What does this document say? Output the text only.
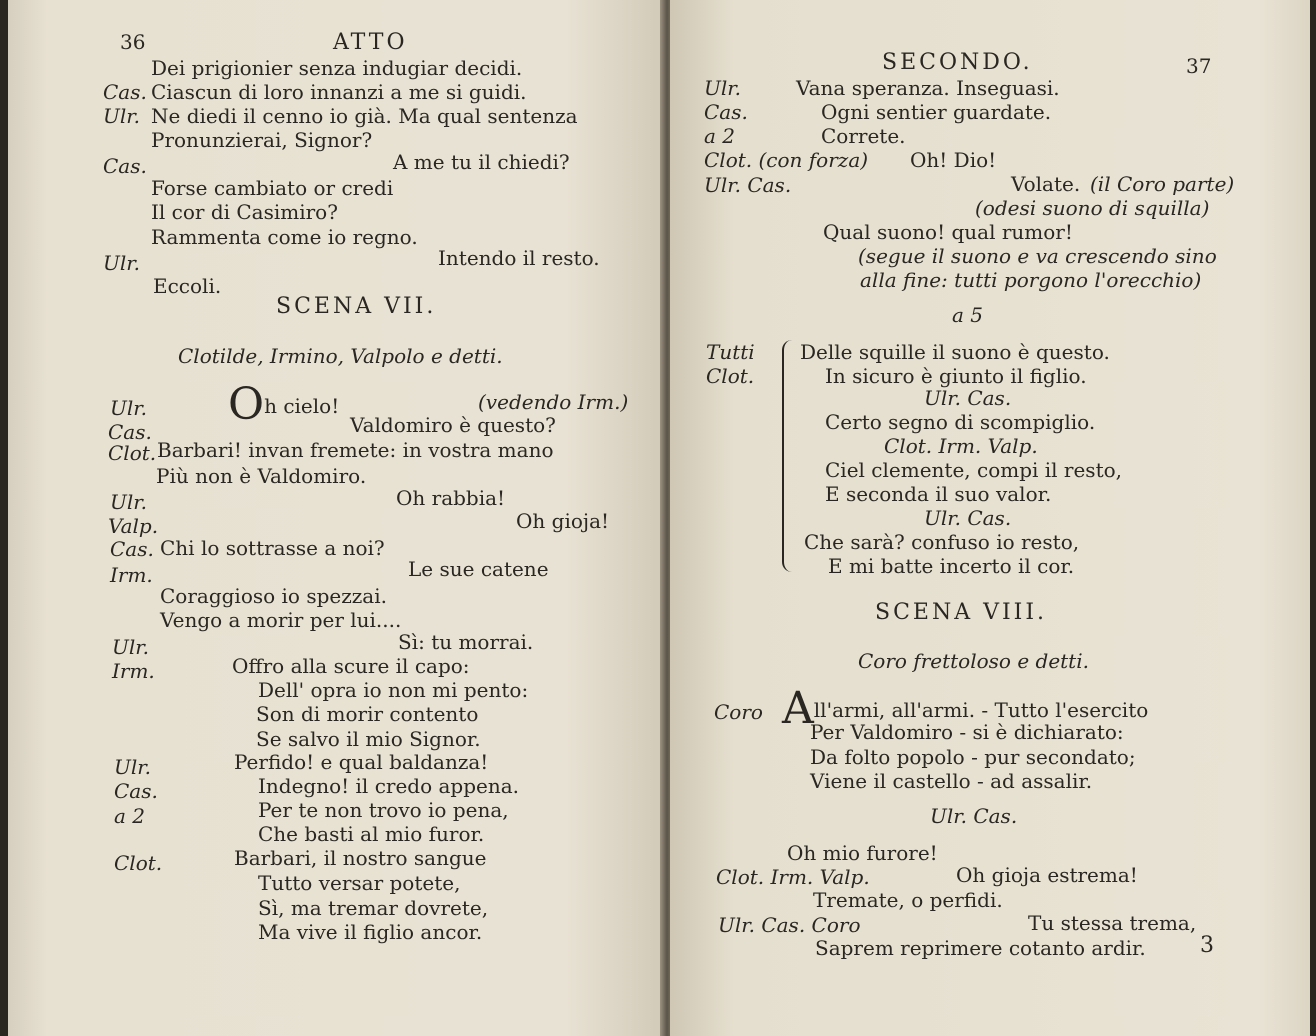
36	ATTO
Dei prigionier senza indugiar decidi.
Cas. Ciascun di loro innanzi a me si guidi.
Ulr. Ne diedi il cenno io già. Ma qual sentenza
Pronunzierai, Signor?
Cas.	A me tu il chiedi?
Forse cambiato or credi
Il cor di Casimiro?
Rammenta come io regno.
Ulr.	Intendo il resto.
Eccoli.
SCENA VII.
Clotilde, Irmino, Valpolo e detti.
Ulr. Oh cielo!	(vedendo Irm.)
Cas.	Valdomiro è questo?
Clot. Barbari! invan fremete: in vostra mano
Più non è Valdomiro.
Ulr.	Oh rabbia!
Valp.	Oh gioja!
Cas. Chi lo sottrasse a noi?
Irm.	Le sue catene
Coraggioso io spezzai.
Vengo a morir per lui....
Ulr.	Sì: tu morrai.
Irm.	Offro alla scure il capo:
Dell' opra io non mi pento:
Son di morir contento
Se salvo il mio Signor.
Ulr.	Perfido! e qual baldanza!
Cas.	Indegno! il credo appena.
a 2	Per te non trovo io pena,
Che basti al mio furor.
Clot.	Barbari, il nostro sangue
Tutto versar potete,
Sì, ma tremar dovrete,
Ma vive il figlio ancor.
SECONDO.	37
Ulr.	Vana speranza. Inseguasi.
Cas.	Ogni sentier guardate.
a 2	Correte.
Clot. (con forza) Oh! Dio!
Ulr. Cas.	Volate. (il Coro parte)
(odesi suono di squilla)
Qual suono! qual rumor!
(segue il suono e va crescendo sino
alla fine: tutti porgono l'orecchio)
a 5
Tutti
Clot.
Delle squille il suono è questo.
In sicuro è giunto il figlio.
Ulr. Cas.
Certo segno di scompiglio.
Clot. Irm. Valp.
Ciel clemente, compi il resto,
E seconda il suo valor.
Ulr. Cas.
Che sarà? confuso io resto,
E mi batte incerto il cor.
SCENA VIII.
Coro frettoloso e detti.
Coro All'armi, all'armi. - Tutto l'esercito
Per Valdomiro - si è dichiarato:
Da folto popolo - pur secondato;
Viene il castello - ad assalir.
Ulr. Cas.
Oh mio furore!
Clot. Irm. Valp.	Oh gioja estrema!
Tremate, o perfidi.
Ulr. Cas. Coro	Tu stessa trema,
Saprem reprimere cotanto ardir. 3
